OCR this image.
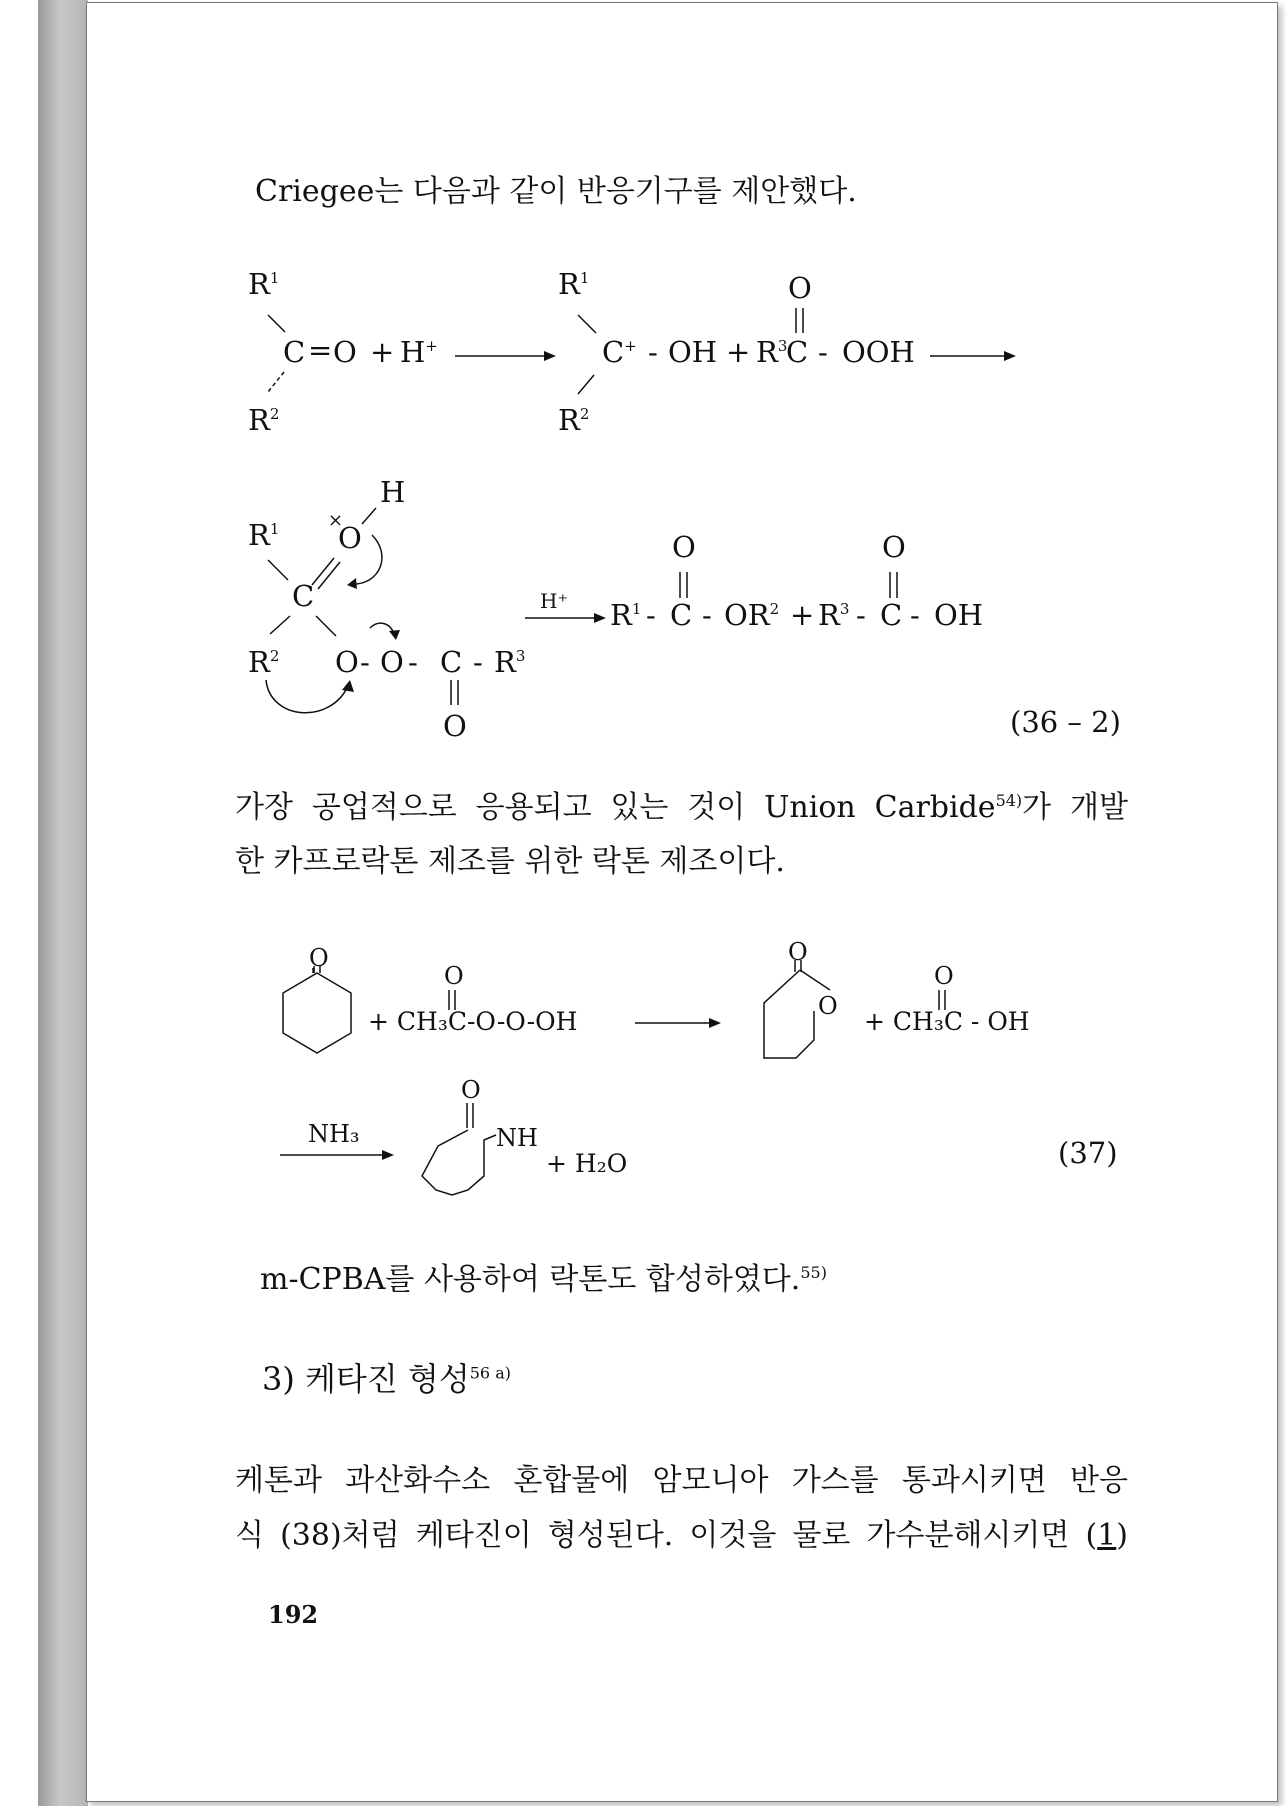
Criegee는 다음과 같이 반응기구를 제안했다.
$R^1$
C = O + H+
$R^2$
$R^1$
C+ - OH + $R^3$
C
O
- OOH
$R^2$
H
O
×
$R^1$
C
$R^2$ O - O - C - $R^3$
O
H⁺ $R^1$ - C
O
- $OR^2 + R^3 - C$
O
- OH
(36 – 2)
가장 공업적으로 응용되고 있는 것이 Union Carbide$^{54)}$가 개발
한 카프로락톤 제조를 위한 락톤 제조이다.
O
+ CH₃C-O-O-OH
O
O
O
+ CH₃C - OH
O
NH₃
O
NH
+ H₂O	(37)
m-CPBA를 사용하여 락톤도 합성하였다.$^{55)}$
3) 케타진 형성$^{56 a)}$
케톤과 과산화수소 혼합물에 암모니아 가스를 통과시키면 반응
식 (38)처럼 케타진이 형성된다. 이것을 물로 가수분해시키면 (1)
192
